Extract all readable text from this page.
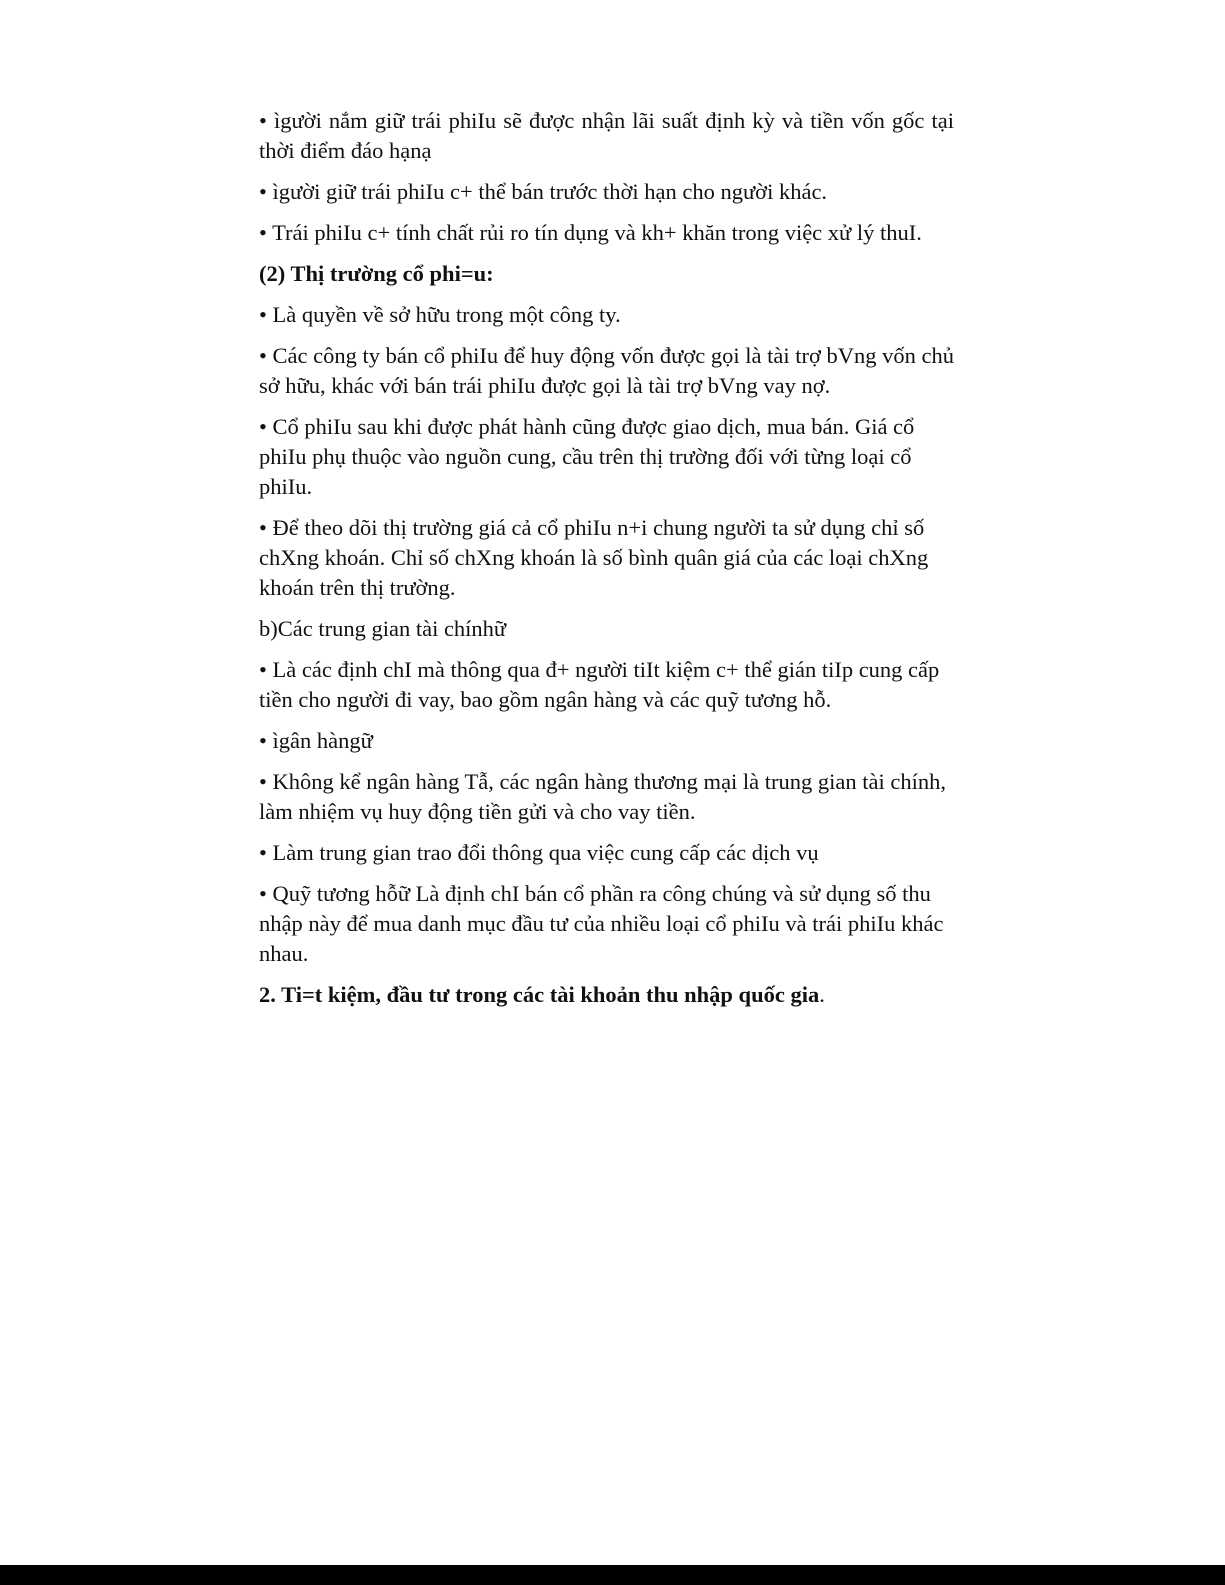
• ìgười nắm giữ trái phiIu sẽ được nhận lãi suất định kỳ và tiền vốn gốc tại thời điểm đáo hạnạ

• ìgười giữ trái phiIu c+ thể bán trước thời hạn cho người khác.

• Trái phiIu c+ tính chất rủi ro tín dụng và kh+ khăn trong việc xử lý thuI.

(2) Thị trường cổ phi=u:

• Là quyền về sở hữu trong một công ty.

• Các công ty bán cổ phiIu để huy động vốn được gọi là tài trợ bVng vốn chủ sở hữu, khác với bán trái phiIu được gọi là tài trợ bVng vay nợ.

• Cổ phiIu sau khi được phát hành cũng được giao dịch, mua bán. Giá cổ phiIu phụ thuộc vào nguồn cung, cầu trên thị trường đối với từng loại cổ phiIu.

• Để theo dõi thị trường giá cả cổ phiIu n+i chung người ta sử dụng chỉ số chXng khoán. Chỉ số chXng khoán là số bình quân giá của các loại chXng khoán trên thị trường.

b)Các trung gian tài chínhữ

• Là các định chI mà thông qua đ+ người tiIt kiệm c+ thể gián tiIp cung cấp tiền cho người đi vay, bao gồm ngân hàng và các quỹ tương hỗ.

• ìgân hàngữ

• Không kể ngân hàng Tẫ, các ngân hàng thương mại là trung gian tài chính, làm nhiệm vụ huy động tiền gửi và cho vay tiền.

• Làm trung gian trao đổi thông qua việc cung cấp các dịch vụ

• Quỹ tương hỗữ Là định chI bán cổ phần ra công chúng và sử dụng số thu nhập này để mua danh mục đầu tư của nhiều loại cổ phiIu và trái phiIu khác nhau.

2. Ti=t kiệm, đầu tư trong các tài khoản thu nhập quốc gia.
